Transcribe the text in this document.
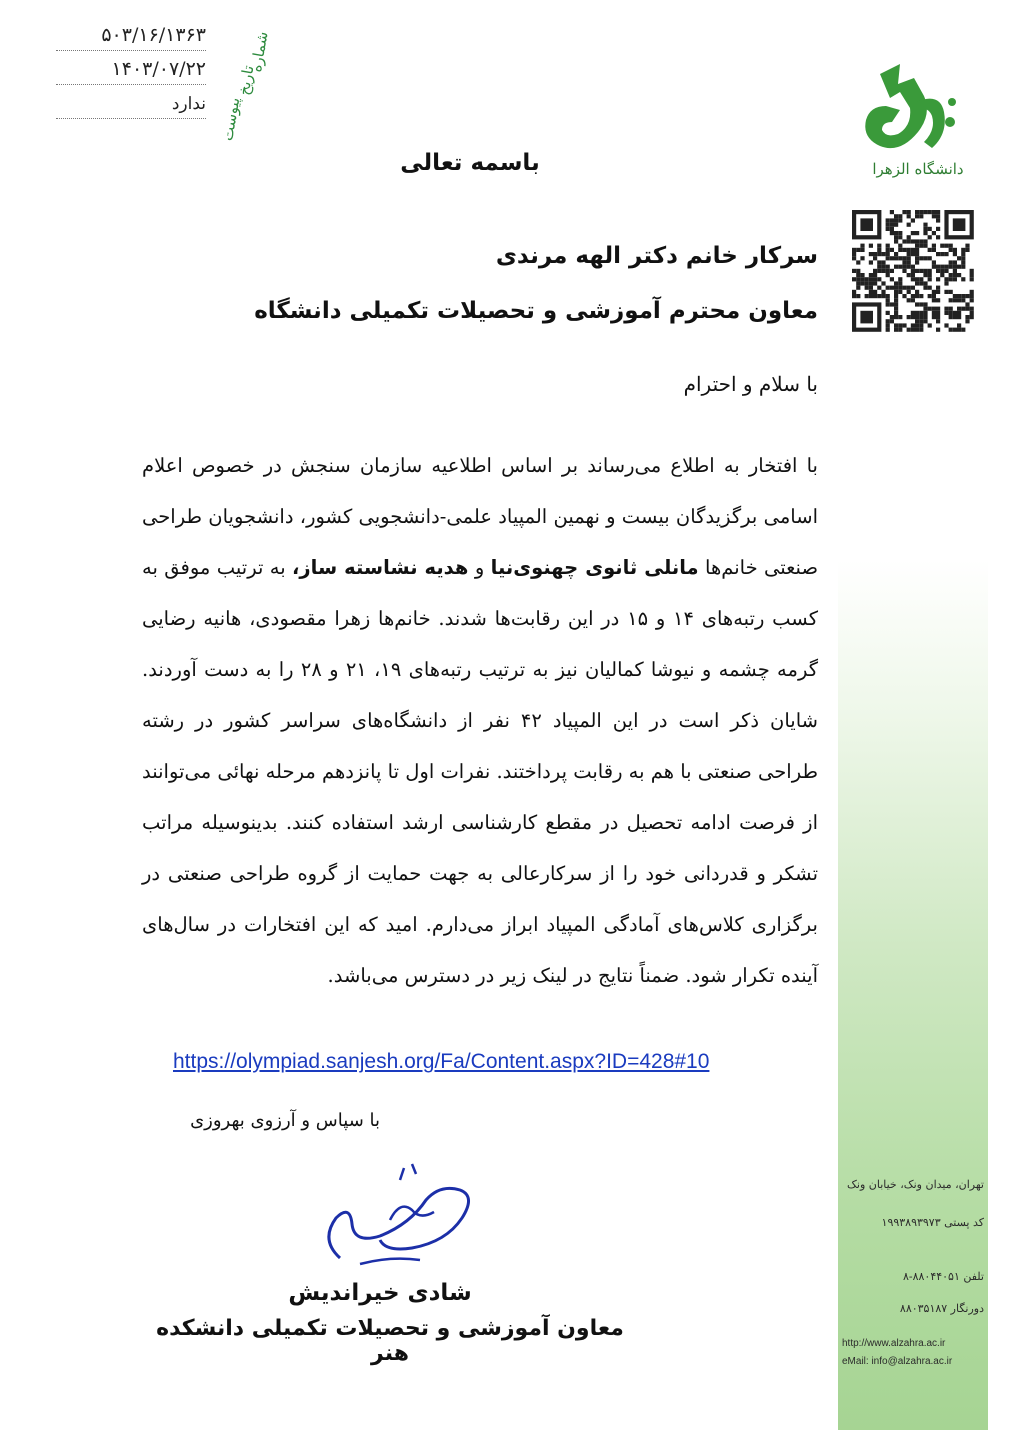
۵۰۳/۱۶/۱۳۶۳
۱۴۰۳/۰۷/۲۲
ندارد
شماره
تاریخ
پیوست
دانشگاه الزهرا
باسمه تعالی
سرکار خانم دکتر الهه مرندی
معاون محترم آموزشی و تحصیلات تکمیلی دانشگاه
با سلام و احترام
با افتخار به اطلاع می‌رساند بر اساس اطلاعیه سازمان سنجش در خصوص اعلام اسامی برگزیدگان بیست و نهمین المپیاد علمی-دانشجویی کشور، دانشجویان طراحی صنعتی خانم‌ها مانلی ثانوی چهنوی‌نیا و هدیه نشاسته ساز، به ترتیب موفق به کسب رتبه‌های ۱۴ و ۱۵ در این رقابت‌ها شدند. خانم‌ها زهرا مقصودی، هانیه رضایی گرمه چشمه و نیوشا کمالیان نیز به ترتیب رتبه‌های ۱۹، ۲۱ و ۲۸ را به دست آوردند. شایان ذکر است در این المپیاد ۴۲ نفر از دانشگاه‌های سراسر کشور در رشته طراحی صنعتی با هم به رقابت پرداختند. نفرات اول تا پانزدهم مرحله نهائی می‌توانند از فرصت ادامه تحصیل در مقطع کارشناسی ارشد استفاده کنند. بدینوسیله مراتب تشکر و قدردانی خود را از سرکارعالی به جهت حمایت از گروه طراحی صنعتی در برگزاری کلاس‌های آمادگی المپیاد ابراز می‌دارم. امید که این افتخارات در سال‌های آینده تکرار شود. ضمناً نتایج در لینک زیر در دسترس می‌باشد.
https://olympiad.sanjesh.org/Fa/Content.aspx?ID=428#10
با سپاس و آرزوی بهروزی
شادی خیراندیش
معاون آموزشی و تحصیلات تکمیلی دانشکده هنر
تهران، میدان ونک، خیابان ونک
کد پستی ۱۹۹۳۸۹۳۹۷۳
تلفن ۸۸۰۴۴۰۵۱-۸
دورنگار ۸۸۰۳۵۱۸۷
http://www.alzahra.ac.ir
eMail: info@alzahra.ac.ir
